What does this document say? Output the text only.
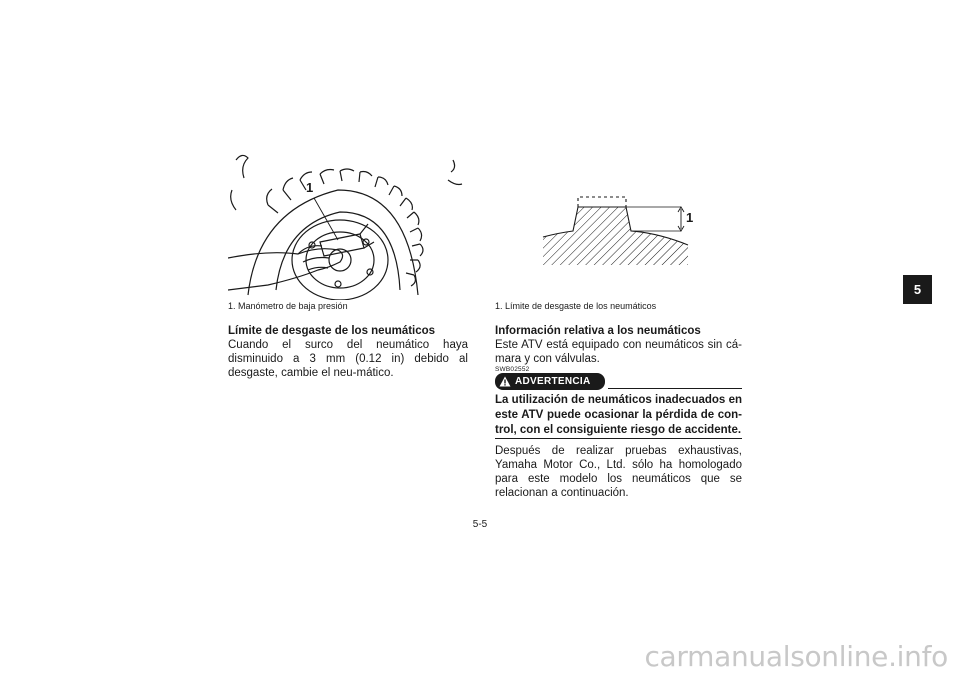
1
1. Manómetro de baja presión
Límite de desgaste de los neumáticos
Cuando el surco del neumático haya disminuido a 3 mm (0.12 in) debido al desgaste, cambie el neu-mático.
1
1. Límite de desgaste de los neumáticos
Información relativa a los neumáticos
Este ATV está equipado con neumáticos sin cá-mara y con válvulas.
SWB02552
ADVERTENCIA
La utilización de neumáticos inadecuados en este ATV puede ocasionar la pérdida de con-trol, con el consiguiente riesgo de accidente.
Después de realizar pruebas exhaustivas, Yamaha Motor Co., Ltd. sólo ha homologado para este modelo los neumáticos que se relacionan a continuación.
5
5-5
carmanualsonline.info
